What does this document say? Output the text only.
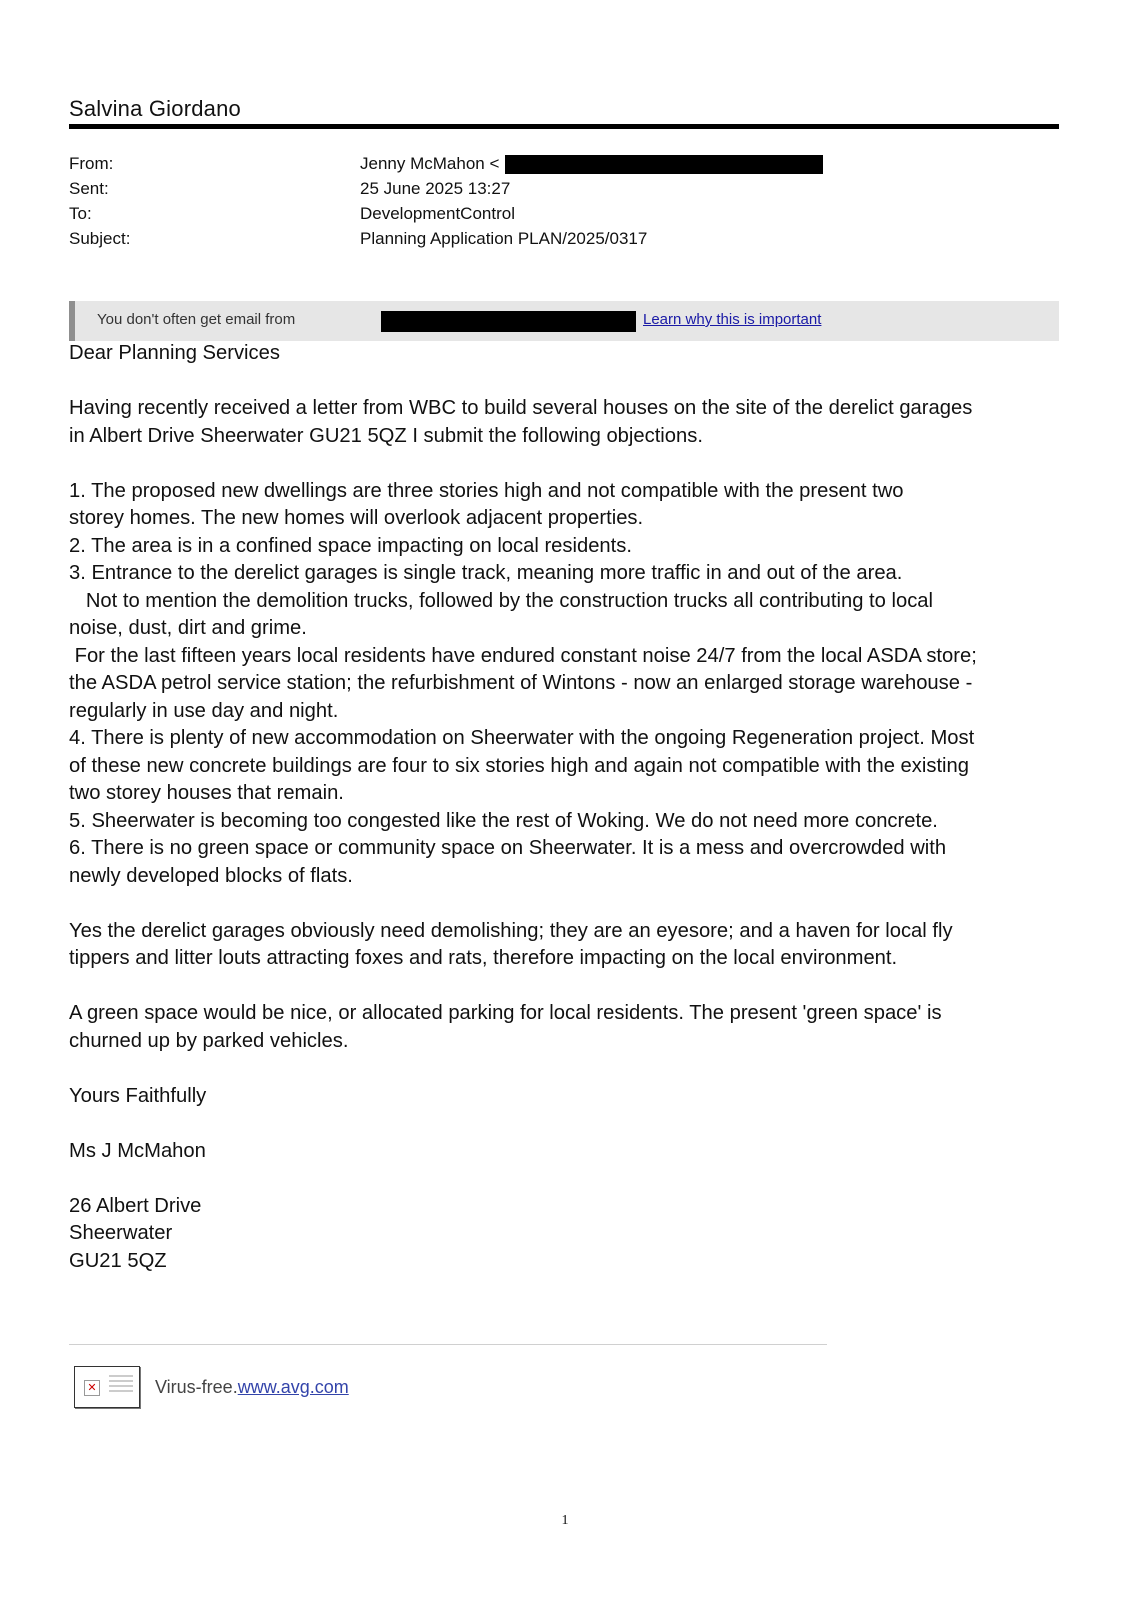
Salvina Giordano
From:	Jenny McMahon <
Sent:	25 June 2025 13:27
To:	DevelopmentControl
Subject:	Planning Application PLAN/2025/0317
You don't often get email from	Learn why this is important

Dear Planning Services

Having recently received a letter from WBC to build several houses on the site of the derelict garages

in Albert Drive Sheerwater GU21 5QZ I submit the following objections.

1. The proposed new dwellings are three stories high and not compatible with the present two

storey homes. The new homes will overlook adjacent properties.

2. The area is in a confined space impacting on local residents.

3. Entrance to the derelict garages is single track, meaning more traffic in and out of the area.

Not to mention the demolition trucks, followed by the construction trucks all contributing to local

noise, dust, dirt and grime.

For the last fifteen years local residents have endured constant noise 24/7 from the local ASDA store;

the ASDA petrol service station; the refurbishment of Wintons - now an enlarged storage warehouse -

regularly in use day and night.

4. There is plenty of new accommodation on Sheerwater with the ongoing Regeneration project. Most

of these new concrete buildings are four to six stories high and again not compatible with the existing

two storey houses that remain.

5. Sheerwater is becoming too congested like the rest of Woking. We do not need more concrete.

6. There is no green space or community space on Sheerwater. It is a mess and overcrowded with

newly developed blocks of flats.

Yes the derelict garages obviously need demolishing; they are an eyesore; and a haven for local fly

tippers and litter louts attracting foxes and rats, therefore impacting on the local environment.

A green space would be nice, or allocated parking for local residents. The present 'green space' is

churned up by parked vehicles.

Yours Faithfully

Ms J McMahon

26 Albert Drive

Sheerwater

GU21 5QZ

✕	Virus-free.www.avg.com
1
